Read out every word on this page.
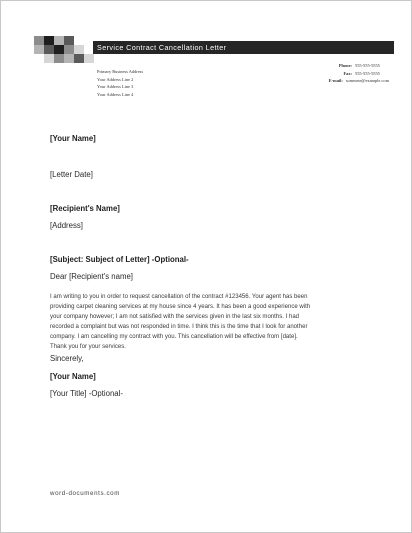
Service Contract Cancellation Letter
Primary Business Address
Your Address Line 2
Your Address Line 3
Your Address Line 4
Phone: 555-555-5555
Fax: 555-555-5555
E-mail: someone@example.com
[Your Name]
[Letter Date]
[Recipient's Name]
[Address]
[Subject: Subject of Letter] -Optional-
Dear [Recipient's name]
I am writing to you in order to request cancellation of the contract #123456. Your agent has been
providing carpet cleaning services at my house since 4 years. It has been a good experience with
your company however; I am not satisfied with the services given in the last six months. I had
recorded a complaint but was not responded in time. I think this is the time that I look for another
company. I am cancelling my contract with you. This cancellation will be effective from [date].
Thank you for your services.
Sincerely,
[Your Name]
[Your Title] -Optional-
word-documents.com
